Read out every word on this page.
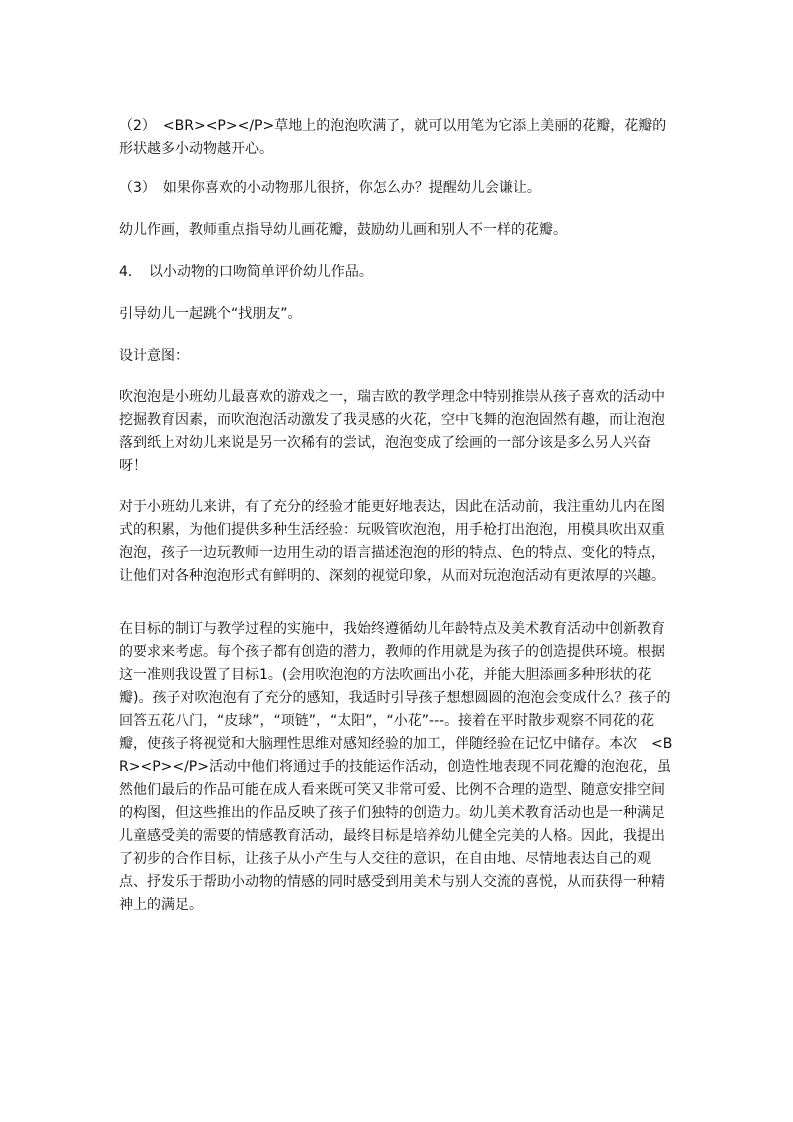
（2）　<BR><P></P>草地上的泡泡吹满了，就可以用笔为它添上美丽的花瓣，花瓣的形状越多小动物越开心。

（3）　如果你喜欢的小动物那儿很挤，你怎么办？提醒幼儿会谦让。

幼儿作画，教师重点指导幼儿画花瓣，鼓励幼儿画和别人不一样的花瓣。

4．　以小动物的口吻简单评价幼儿作品。

引导幼儿一起跳个“找朋友”。

设计意图：

吹泡泡是小班幼儿最喜欢的游戏之一，瑞吉欧的教学理念中特别推崇从孩子喜欢的活动中挖掘教育因素，而吹泡泡活动激发了我灵感的火花，空中飞舞的泡泡固然有趣，而让泡泡落到纸上对幼儿来说是另一次稀有的尝试，泡泡变成了绘画的一部分该是多么另人兴奋呀！

对于小班幼儿来讲，有了充分的经验才能更好地表达，因此在活动前，我注重幼儿内在图式的积累，为他们提供多种生活经验：玩吸管吹泡泡，用手枪打出泡泡，用模具吹出双重泡泡，孩子一边玩教师一边用生动的语言描述泡泡的形的特点、色的特点、变化的特点，让他们对各种泡泡形式有鲜明的、深刻的视觉印象，从而对玩泡泡活动有更浓厚的兴趣。

在目标的制订与教学过程的实施中，我始终遵循幼儿年龄特点及美术教育活动中创新教育的要求来考虑。每个孩子都有创造的潜力，教师的作用就是为孩子的创造提供环境。根据这一准则我设置了目标1。(会用吹泡泡的方法吹画出小花，并能大胆添画多种形状的花瓣)。孩子对吹泡泡有了充分的感知，我适时引导孩子想想圆圆的泡泡会变成什么？孩子的回答五花八门，“皮球”，“项链”，“太阳”，“小花”---。接着在平时散步观察不同花的花瓣，使孩子将视觉和大脑理性思维对感知经验的加工，伴随经验在记忆中储存。本次　<BR><P></P>活动中他们将通过手的技能运作活动，创造性地表现不同花瓣的泡泡花，虽然他们最后的作品可能在成人看来既可笑又非常可爱、比例不合理的造型、随意安排空间的构图，但这些推出的作品反映了孩子们独特的创造力。幼儿美术教育活动也是一种满足儿童感受美的需要的情感教育活动，最终目标是培养幼儿健全完美的人格。因此，我提出了初步的合作目标，让孩子从小产生与人交往的意识，在自由地、尽情地表达自己的观点、抒发乐于帮助小动物的情感的同时感受到用美术与别人交流的喜悦，从而获得一种精神上的满足。
